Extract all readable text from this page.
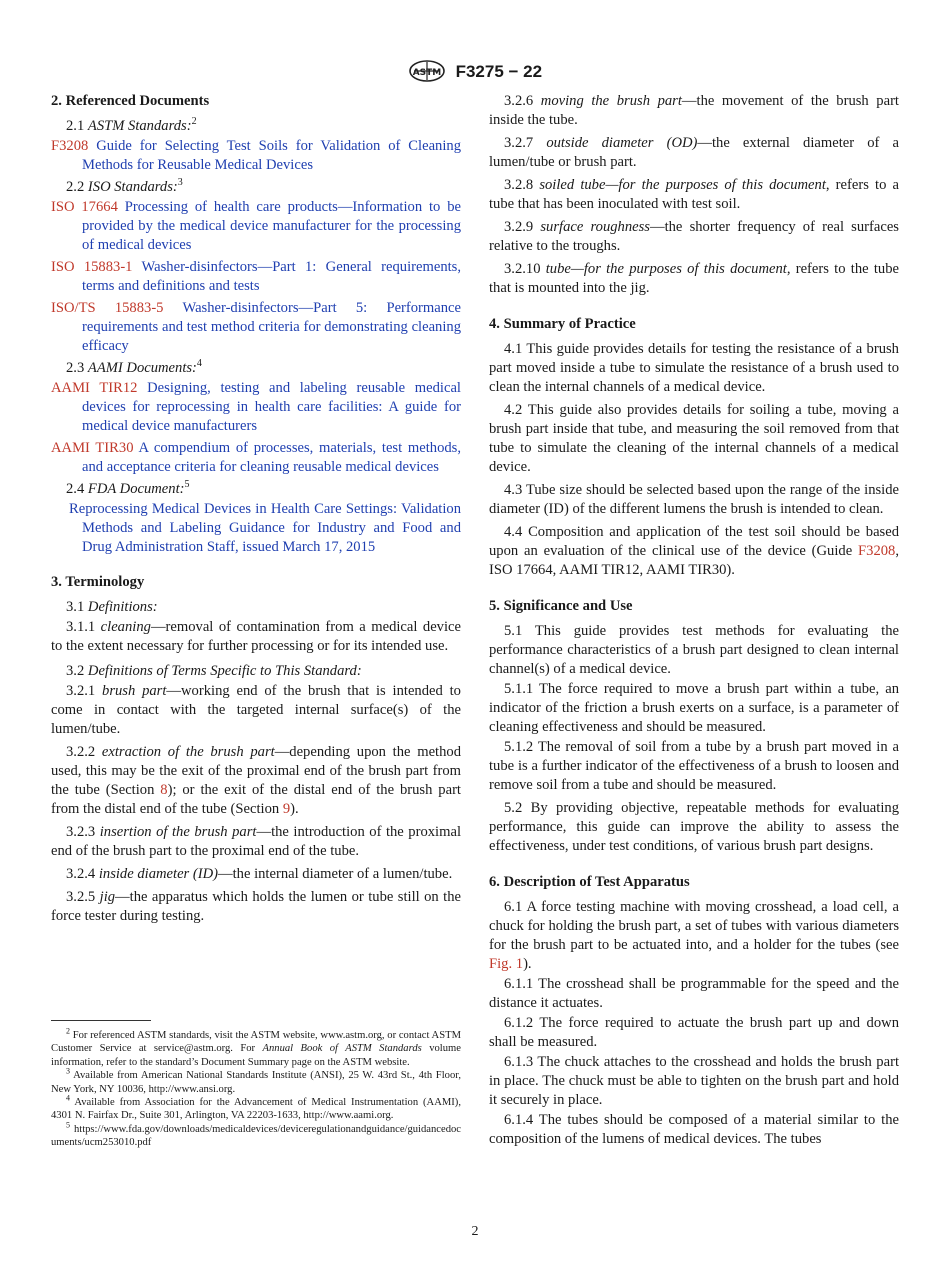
ASTM F3275 − 22
2. Referenced Documents
2.1 ASTM Standards:$^2$
F3208 Guide for Selecting Test Soils for Validation of Cleaning Methods for Reusable Medical Devices
2.2 ISO Standards:$^3$
ISO 17664 Processing of health care products—Information to be provided by the medical device manufacturer for the processing of medical devices
ISO 15883-1 Washer-disinfectors—Part 1: General requirements, terms and definitions and tests
ISO/TS 15883-5 Washer-disinfectors—Part 5: Performance requirements and test method criteria for demonstrating cleaning efficacy
2.3 AAMI Documents:$^4$
AAMI TIR12 Designing, testing and labeling reusable medical devices for reprocessing in health care facilities: A guide for medical device manufacturers
AAMI TIR30 A compendium of processes, materials, test methods, and acceptance criteria for cleaning reusable medical devices
2.4 FDA Document:$^5$
Reprocessing Medical Devices in Health Care Settings: Validation Methods and Labeling Guidance for Industry and Food and Drug Administration Staff, issued March 17, 2015
3. Terminology

3.1 Definitions:

3.1.1 cleaning—removal of contamination from a medical device to the extent necessary for further processing or for its intended use.

3.2 Definitions of Terms Specific to This Standard:

3.2.1 brush part—working end of the brush that is intended to come in contact with the targeted internal surface(s) of the lumen/tube.

3.2.2 extraction of the brush part—depending upon the method used, this may be the exit of the proximal end of the brush part from the tube (Section 8); or the exit of the distal end of the brush part from the distal end of the tube (Section 9).

3.2.3 insertion of the brush part—the introduction of the proximal end of the brush part to the proximal end of the tube.

3.2.4 inside diameter (ID)—the internal diameter of a lumen/tube.

3.2.5 jig—the apparatus which holds the lumen or tube still on the force tester during testing.

$^2$ For referenced ASTM standards, visit the ASTM website, www.astm.org, or contact ASTM Customer Service at service@astm.org. For Annual Book of ASTM Standards volume information, refer to the standard’s Document Summary page on the ASTM website.

$^3$ Available from American National Standards Institute (ANSI), 25 W. 43rd St., 4th Floor, New York, NY 10036, http://www.ansi.org.

$^4$ Available from Association for the Advancement of Medical Instrumentation (AAMI), 4301 N. Fairfax Dr., Suite 301, Arlington, VA 22203-1633, http://www.aami.org.

$^5$ https://www.fda.gov/downloads/medicaldevices/deviceregulationandguidance/guidancedocuments/ucm253010.pdf

3.2.6 moving the brush part—the movement of the brush part inside the tube.

3.2.7 outside diameter (OD)—the external diameter of a lumen/tube or brush part.

3.2.8 soiled tube—for the purposes of this document, refers to a tube that has been inoculated with test soil.

3.2.9 surface roughness—the shorter frequency of real surfaces relative to the troughs.

3.2.10 tube—for the purposes of this document, refers to the tube that is mounted into the jig.

4. Summary of Practice

4.1 This guide provides details for testing the resistance of a brush part moved inside a tube to simulate the resistance of a brush used to clean the internal channels of a medical device.

4.2 This guide also provides details for soiling a tube, moving a brush part inside that tube, and measuring the soil removed from that tube to simulate the cleaning of the internal channels of a medical device.

4.3 Tube size should be selected based upon the range of the inside diameter (ID) of the different lumens the brush is intended to clean.

4.4 Composition and application of the test soil should be based upon an evaluation of the clinical use of the device (Guide F3208, ISO 17664, AAMI TIR12, AAMI TIR30).

5. Significance and Use

5.1 This guide provides test methods for evaluating the performance characteristics of a brush part designed to clean internal channel(s) of a medical device.

5.1.1 The force required to move a brush part within a tube, an indicator of the friction a brush exerts on a surface, is a parameter of cleaning effectiveness and should be measured.

5.1.2 The removal of soil from a tube by a brush part moved in a tube is a further indicator of the effectiveness of a brush to loosen and remove soil from a tube and should be measured.

5.2 By providing objective, repeatable methods for evaluating performance, this guide can improve the ability to assess the effectiveness, under test conditions, of various brush part designs.

6. Description of Test Apparatus

6.1 A force testing machine with moving crosshead, a load cell, a chuck for holding the brush part, a set of tubes with various diameters for the brush part to be actuated into, and a holder for the tubes (see Fig. 1).

6.1.1 The crosshead shall be programmable for the speed and the distance it actuates.

6.1.2 The force required to actuate the brush part up and down shall be measured.

6.1.3 The chuck attaches to the crosshead and holds the brush part in place. The chuck must be able to tighten on the brush part and hold it securely in place.

6.1.4 The tubes should be composed of a material similar to the composition of the lumens of medical devices. The tubes

2
